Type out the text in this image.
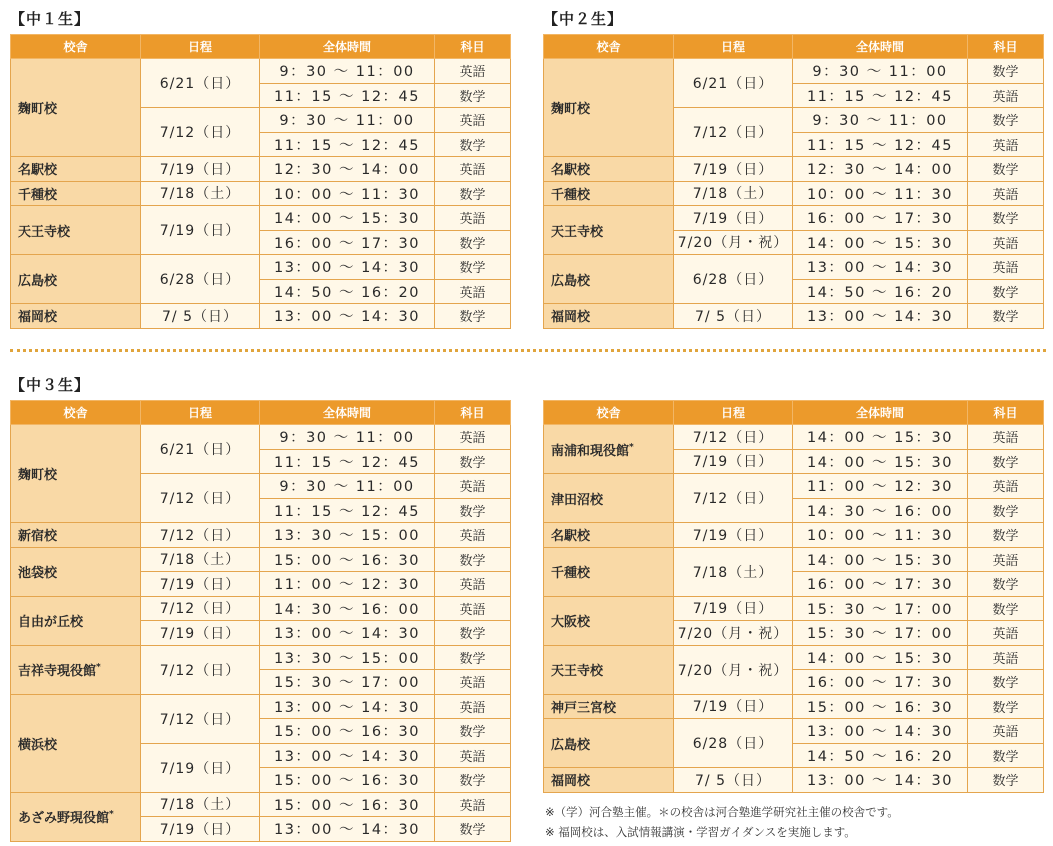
【中１生】	【中２生】
【中３生】
校舎	日程	全体時間	科目
麹町校	6/21（日）	9：30 ～ 11：00	英語
		11：15 ～ 12：45	数学
	7/12（日）	9：30 ～ 11：00	英語
		11：15 ～ 12：45	数学
名駅校	7/19（日）	12：30 ～ 14：00	英語
千種校	7/18（土）	10：00 ～ 11：30	数学
天王寺校	7/19（日）	14：00 ～ 15：30	英語
		16：00 ～ 17：30	数学
広島校	6/28（日）	13：00 ～ 14：30	数学
		14：50 ～ 16：20	英語
福岡校	7/ 5（日）	13：00 ～ 14：30	数学
校舎	日程	全体時間	科目
麹町校	6/21（日）	9：30 ～ 11：00	数学
		11：15 ～ 12：45	英語
	7/12（日）	9：30 ～ 11：00	数学
		11：15 ～ 12：45	英語
名駅校	7/19（日）	12：30 ～ 14：00	数学
千種校	7/18（土）	10：00 ～ 11：30	英語
天王寺校	7/19（日）	16：00 ～ 17：30	数学
	7/20（月・祝）	14：00 ～ 15：30	英語
広島校	6/28（日）	13：00 ～ 14：30	英語
		14：50 ～ 16：20	数学
福岡校	7/ 5（日）	13：00 ～ 14：30	数学
校舎	日程	全体時間	科目
麹町校	6/21（日）	9：30 ～ 11：00	英語
		11：15 ～ 12：45	数学
	7/12（日）	9：30 ～ 11：00	英語
		11：15 ～ 12：45	数学
新宿校	7/12（日）	13：30 ～ 15：00	英語
池袋校	7/18（土）	15：00 ～ 16：30	数学
	7/19（日）	11：00 ～ 12：30	英語
自由が丘校	7/12（日）	14：30 ～ 16：00	英語
	7/19（日）	13：00 ～ 14：30	数学
吉祥寺現役館*	7/12（日）	13：30 ～ 15：00	数学
		15：30 ～ 17：00	英語
横浜校	7/12（日）	13：00 ～ 14：30	英語
		15：00 ～ 16：30	数学
	7/19（日）	13：00 ～ 14：30	英語
		15：00 ～ 16：30	数学
あざみ野現役館*	7/18（土）	15：00 ～ 16：30	英語
	7/19（日）	13：00 ～ 14：30	数学
校舎	日程	全体時間	科目
南浦和現役館*	7/12（日）	14：00 ～ 15：30	英語
	7/19（日）	14：00 ～ 15：30	数学
津田沼校	7/12（日）	11：00 ～ 12：30	英語
		14：30 ～ 16：00	数学
名駅校	7/19（日）	10：00 ～ 11：30	数学
千種校	7/18（土）	14：00 ～ 15：30	英語
		16：00 ～ 17：30	数学
大阪校	7/19（日）	15：30 ～ 17：00	数学
	7/20（月・祝）	15：30 ～ 17：00	英語
天王寺校	7/20（月・祝）	14：00 ～ 15：30	英語
		16：00 ～ 17：30	数学
神戸三宮校	7/19（日）	15：00 ～ 16：30	数学
広島校	6/28（日）	13：00 ～ 14：30	英語
		14：50 ～ 16：20	数学
福岡校	7/ 5（日）	13：00 ～ 14：30	数学
※（学）河合塾主催。＊の校舎は河合塾進学研究社主催の校舎です。
※ 福岡校は、入試情報講演・学習ガイダンスを実施します。
